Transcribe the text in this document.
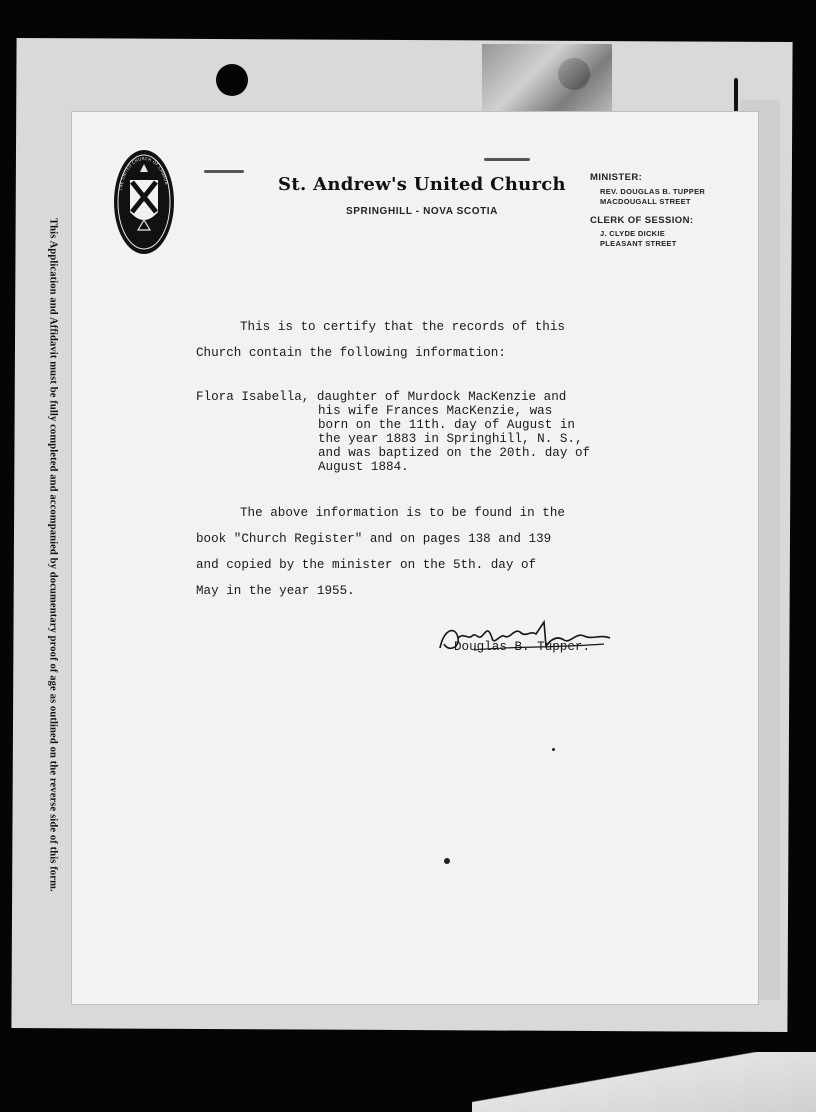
This Application and Affidavit must be fully completed and accompanied by documentary proof of age as outlined on the reverse side of this form.
THE UNITED CHURCH OF CANADA	St. Andrew's United Church
SPRINGHILL - NOVA SCOTIA
MINISTER:
REV. DOUGLAS B. TUPPER
MACDOUGALL STREET
CLERK OF SESSION:
J. CLYDE DICKIE
PLEASANT STREET
This is to certify that the records of this
Church contain the following information:
Flora Isabella, daughter of Murdock MacKenzie and
his wife Frances MacKenzie, was
born on the 11th. day of August in
the year 1883 in Springhill, N. S.,
and was baptized on the 20th. day of
August 1884.
The above information is to be found in the
book "Church Register" and on pages 138 and 139
and copied by the minister on the 5th. day of
May in the year 1955.
Douglas B. Tupper.
